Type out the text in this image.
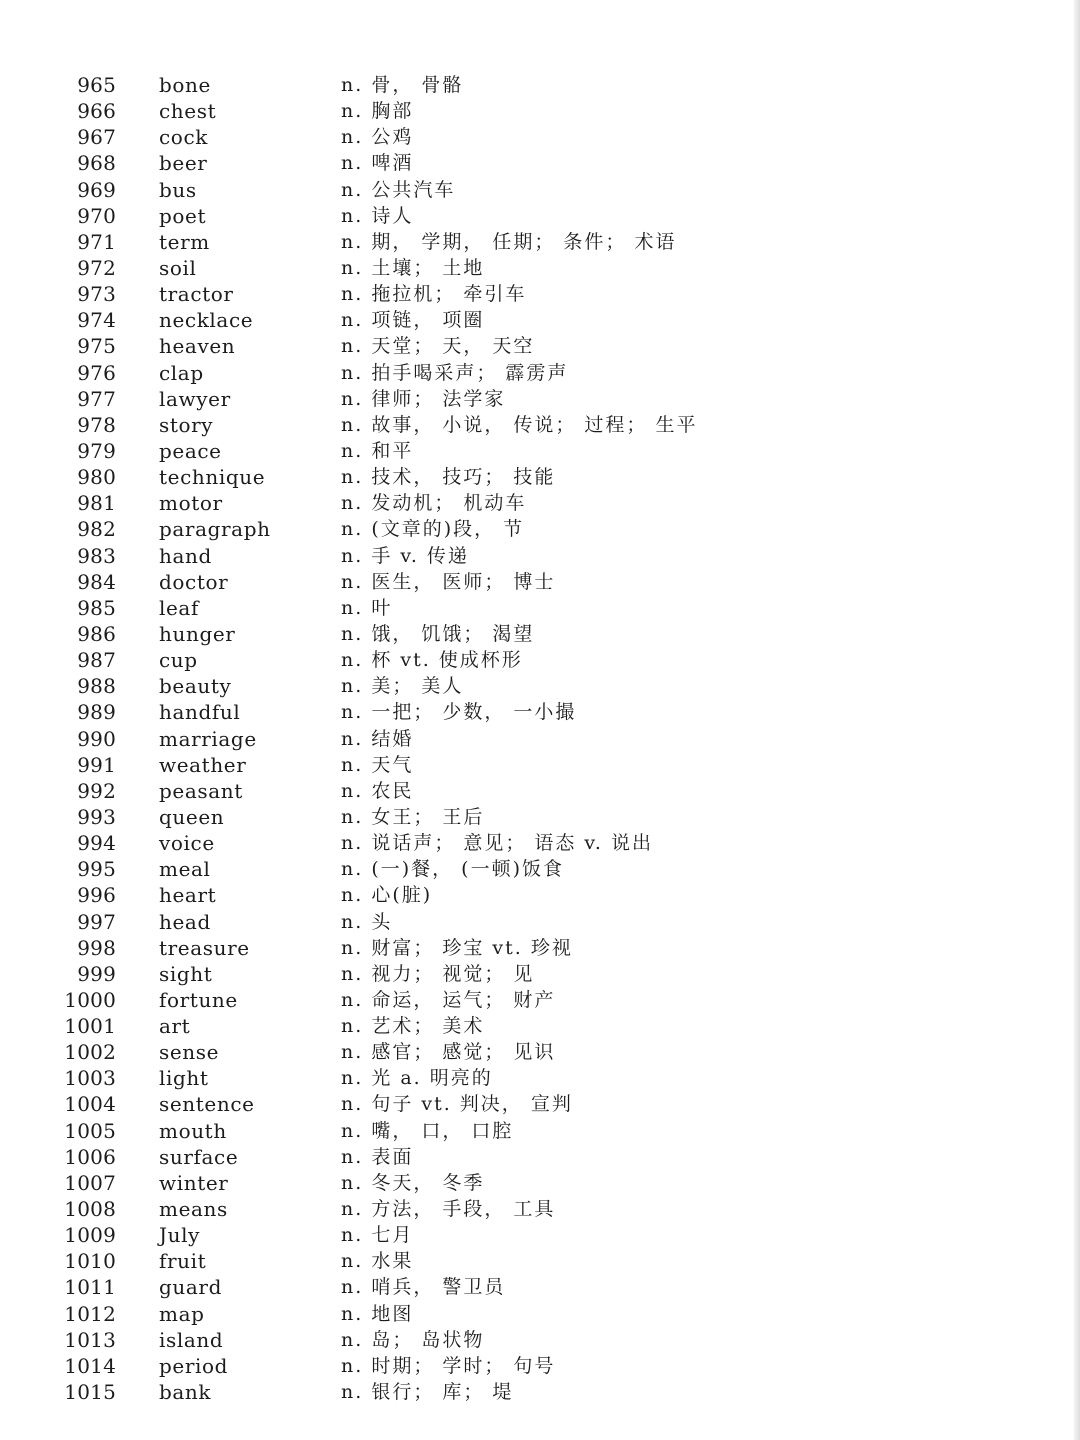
965 bone	n. 骨， 骨骼
966 chest	n. 胸部
967 cock	n. 公鸡
968 beer	n. 啤酒
969 bus	n. 公共汽车
970 poet	n. 诗人
971 term	n. 期， 学期， 任期； 条件； 术语
972 soil	n. 土壤； 土地
973 tractor	n. 拖拉机； 牵引车
974 necklace	n. 项链， 项圈
975 heaven	n. 天堂； 天， 天空
976 clap	n. 拍手喝采声； 霹雳声
977 lawyer	n. 律师； 法学家
978 story	n. 故事， 小说， 传说； 过程； 生平
979 peace	n. 和平
980 technique	n. 技术， 技巧； 技能
981 motor	n. 发动机； 机动车
982 paragraph	n. (文章的)段， 节
983 hand	n. 手 v. 传递
984 doctor	n. 医生， 医师； 博士
985 leaf	n. 叶
986 hunger	n. 饿， 饥饿； 渴望
987 cup	n. 杯 vt. 使成杯形
988 beauty	n. 美； 美人
989 handful	n. 一把； 少数， 一小撮
990 marriage	n. 结婚
991 weather	n. 天气
992 peasant	n. 农民
993 queen	n. 女王； 王后
994 voice	n. 说话声； 意见； 语态 v. 说出
995 meal	n. (一)餐， (一顿)饭食
996 heart	n. 心(脏)
997 head	n. 头
998 treasure	n. 财富； 珍宝 vt. 珍视
999 sight	n. 视力； 视觉； 见
1000 fortune	n. 命运， 运气； 财产
1001 art	n. 艺术； 美术
1002 sense	n. 感官； 感觉； 见识
1003 light	n. 光 a. 明亮的
1004 sentence	n. 句子 vt. 判决， 宣判
1005 mouth	n. 嘴， 口， 口腔
1006 surface	n. 表面
1007 winter	n. 冬天， 冬季
1008 means	n. 方法， 手段， 工具
1009 July	n. 七月
1010 fruit	n. 水果
1011 guard	n. 哨兵， 警卫员
1012 map	n. 地图
1013 island	n. 岛； 岛状物
1014 period	n. 时期； 学时； 句号
1015 bank	n. 银行； 库； 堤
